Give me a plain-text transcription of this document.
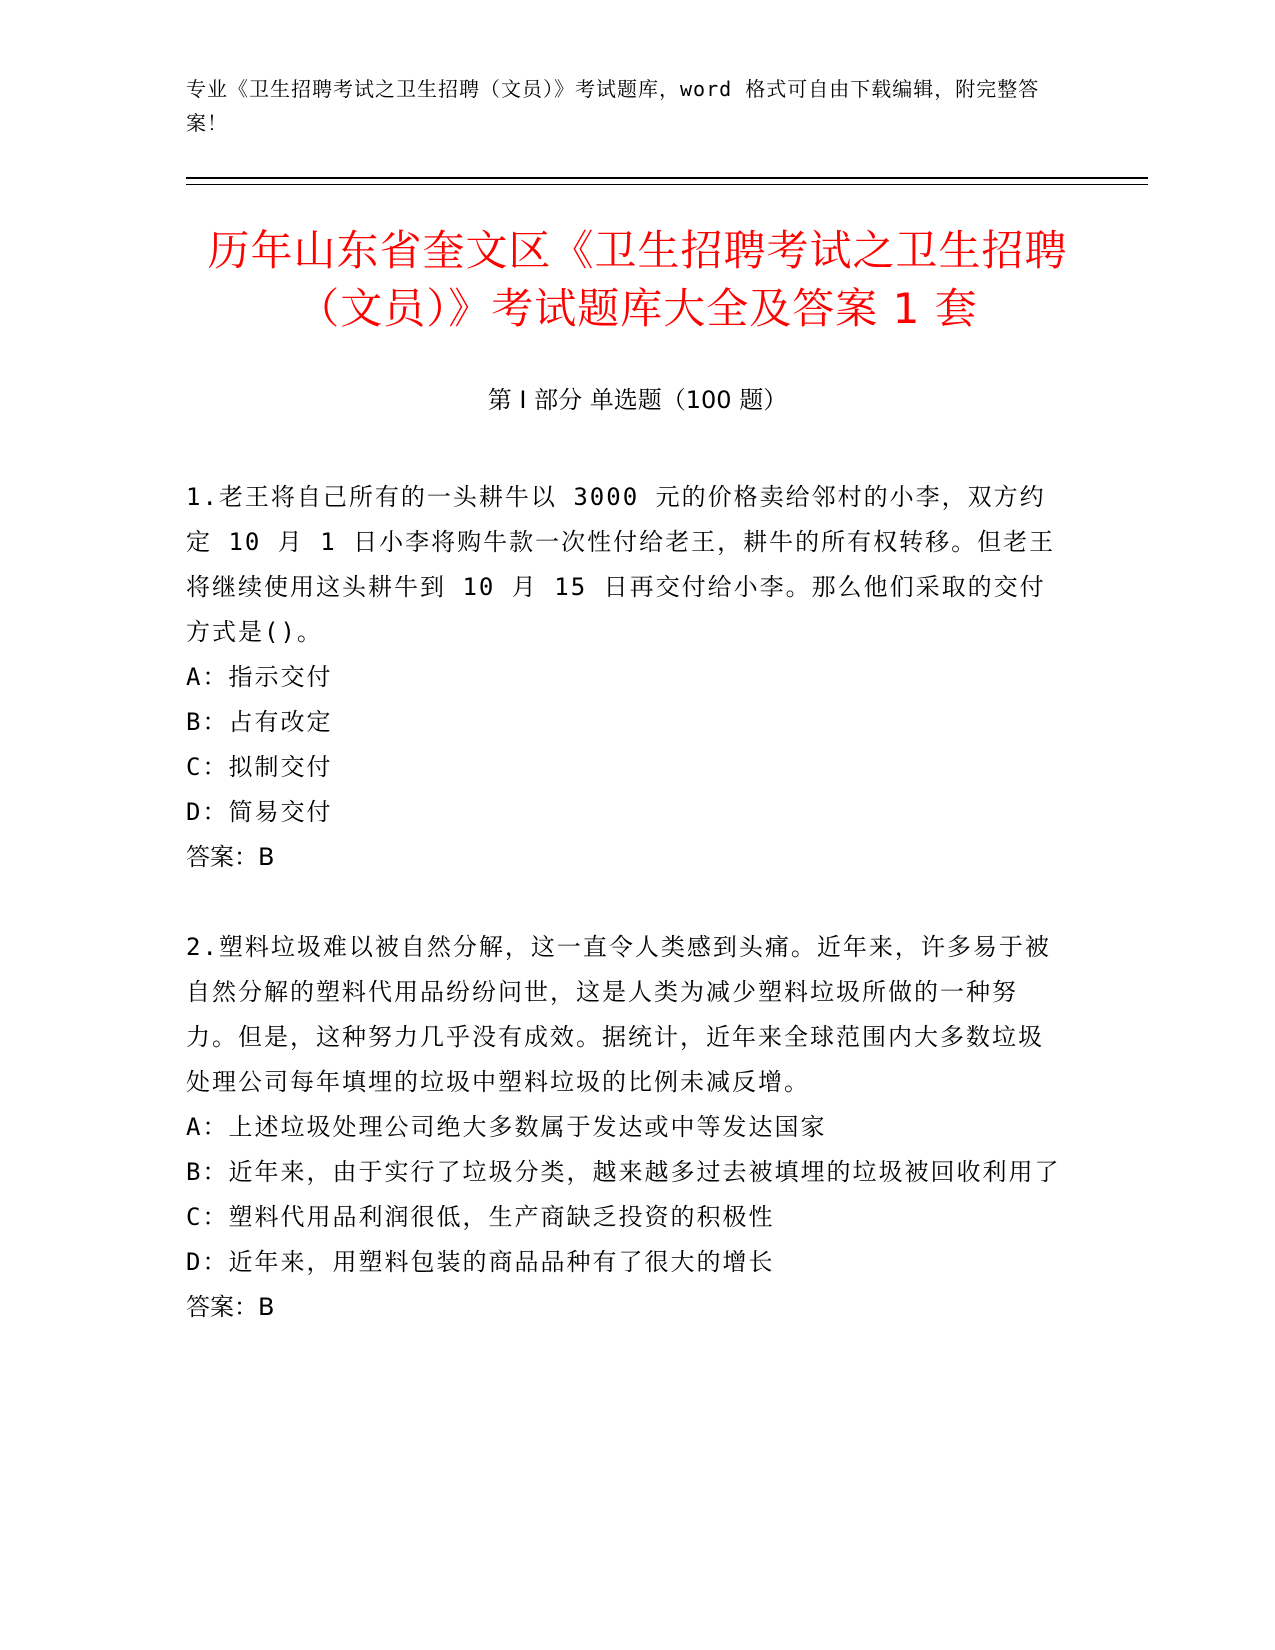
专业《卫生招聘考试之卫生招聘（文员）》考试题库，word 格式可自由下载编辑，附完整答案！
历年山东省奎文区《卫生招聘考试之卫生招聘（文员）》考试题库大全及答案 1 套
第 I 部分 单选题（100 题）

1.老王将自己所有的一头耕牛以 3000 元的价格卖给邻村的小李，双方约定 10 月 1 日小李将购牛款一次性付给老王，耕牛的所有权转移。但老王将继续使用这头耕牛到 10 月 15 日再交付给小李。那么他们采取的交付方式是()。

A：指示交付

B：占有改定

C：拟制交付

D：简易交付

答案：B

2.塑料垃圾难以被自然分解，这一直令人类感到头痛。近年来，许多易于被自然分解的塑料代用品纷纷问世，这是人类为减少塑料垃圾所做的一种努力。但是，这种努力几乎没有成效。据统计，近年来全球范围内大多数垃圾处理公司每年填埋的垃圾中塑料垃圾的比例未减反增。

A：上述垃圾处理公司绝大多数属于发达或中等发达国家

B：近年来，由于实行了垃圾分类，越来越多过去被填埋的垃圾被回收利用了

C：塑料代用品利润很低，生产商缺乏投资的积极性

D：近年来，用塑料包装的商品品种有了很大的增长

答案：B
